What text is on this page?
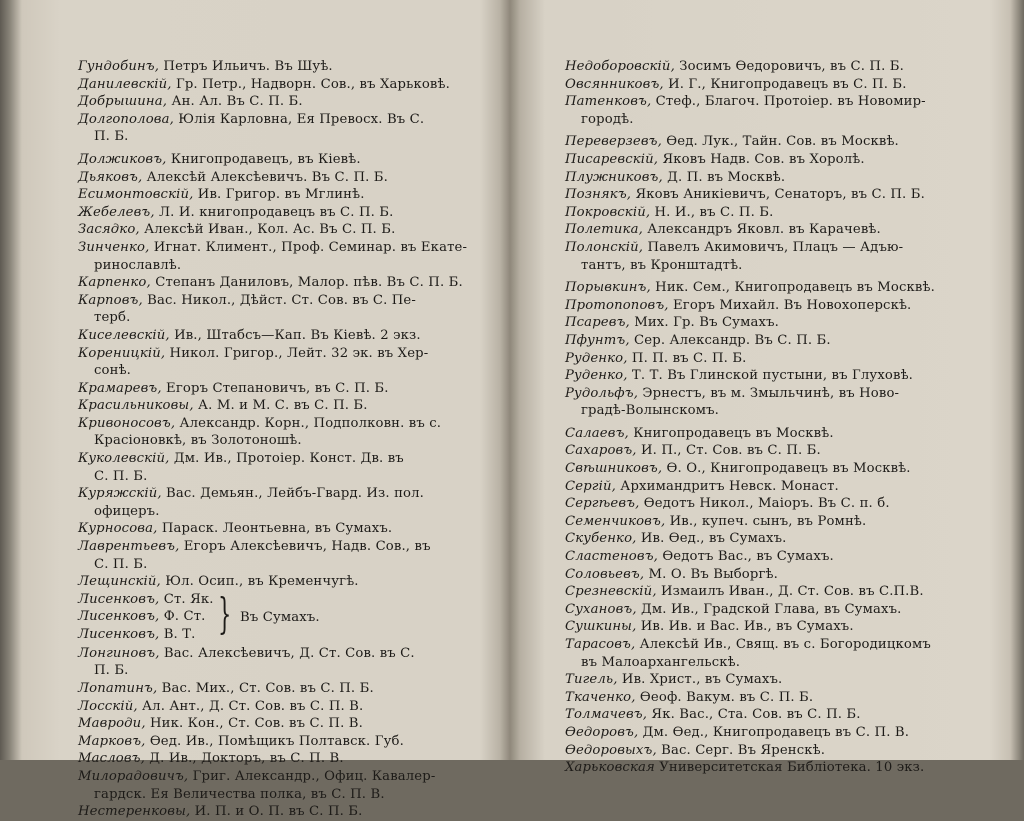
Гундобинъ, Петръ Ильичъ. Въ Шуѣ.
Данилевскій, Гр. Петр., Надворн. Сов., въ Харьковѣ.
Добрышина, Ан. Ал. Въ С. П. Б.
Долгополова, Юлія Карловна, Ея Превосх. Въ С.
П. Б.
Должиковъ, Книгопродавецъ, въ Кіевѣ.
Дьяковъ, Алексѣй Алексѣевичъ. Въ С. П. Б.
Есимонтовскій, Ив. Григор. въ Мглинѣ.
Жебелевъ, Л. И. книгопродавецъ въ С. П. Б.
Засядко, Алексѣй Иван., Кол. Ас. Въ С. П. Б.
Зинченко, Игнат. Климент., Проф. Семинар. въ Екате-
ринославлѣ.
Карпенко, Степанъ Даниловъ, Малор. пѣв. Въ С. П. Б.
Карповъ, Вас. Никол., Дѣйст. Ст. Сов. въ С. Пе-
терб.
Киселевскій, Ив., Штабсъ—Кап. Въ Кіевѣ. 2 экз.
Кореницкій, Никол. Григор., Лейт. 32 эк. въ Хер-
сонѣ.
Крамаревъ, Егоръ Степановичъ, въ С. П. Б.
Красильниковы, А. М. и М. С. въ С. П. Б.
Кривоносовъ, Александр. Корн., Подполковн. въ с.
Красіоновкѣ, въ Золотоношѣ.
Куколевскій, Дм. Ив., Протоіер. Конст. Дв. въ
С. П. Б.
Куряжскій, Вас. Демьян., Лейбъ-Гвард. Из. пол.
офицеръ.
Курносова, Параск. Леонтьевна, въ Сумахъ.
Лаврентьевъ, Егоръ Алексѣевичъ, Надв. Сов., въ
С. П. Б.
Лещинскій, Юл. Осип., въ Кременчугѣ.
Лисенковъ, Ст. Як.
Лисенковъ, Ф. Ст.
Лисенковъ, В. Т. } Въ Сумахъ.
Лонгиновъ, Вас. Алексѣевичъ, Д. Ст. Сов. въ С.
П. Б.
Лопатинъ, Вас. Мих., Ст. Сов. въ С. П. Б.
Лосскій, Ал. Ант., Д. Ст. Сов. въ С. П. В.
Мавроди, Ник. Кон., Ст. Сов. въ С. П. В.
Марковъ, Ѳед. Ив., Помѣщикъ Полтавск. Губ.
Масловъ, Д. Ив., Докторъ, въ С. П. В.
Милорадовичъ, Григ. Александр., Офиц. Кавалер-
гардск. Ея Величества полка, въ С. П. В.
Нестеренковы, И. П. и О. П. въ С. П. Б.
Недоборовскій, Зосимъ Ѳедоровичъ, въ С. П. Б.
Овсянниковъ, И. Г., Книгопродавецъ въ С. П. Б.
Патенковъ, Стеф., Благоч. Протоіер. въ Новомир-
городѣ.
Переверзевъ, Ѳед. Лук., Тайн. Сов. въ Москвѣ.
Писаревскій, Яковъ Надв. Сов. въ Хоролѣ.
Плужниковъ, Д. П. въ Москвѣ.
Познякъ, Яковъ Аникіевичъ, Сенаторъ, въ С. П. Б.
Покровскій, Н. И., въ С. П. Б.
Полетика, Александръ Яковл. въ Карачевѣ.
Полонскій, Павелъ Акимовичъ, Плацъ — Адъю-
тантъ, въ Кронштадтѣ.
Порывкинъ, Ник. Сем., Книгопродавецъ въ Москвѣ.
Протопоповъ, Егоръ Михайл. Въ Новохоперскѣ.
Псаревъ, Мих. Гр. Въ Сумахъ.
Пфунтъ, Сер. Александр. Въ С. П. Б.
Руденко, П. П. въ С. П. Б.
Руденко, Т. Т. Въ Глинской пустыни, въ Глуховѣ.
Рудольфъ, Эрнестъ, въ м. Змыльчинѣ, въ Ново-
градѣ-Волынскомъ.
Салаевъ, Книгопродавецъ въ Москвѣ.
Сахаровъ, И. П., Ст. Сов. въ С. П. Б.
Свѣшниковъ, Ѳ. О., Книгопродавецъ въ Москвѣ.
Сергій, Архимандритъ Невск. Монаст.
Сергѣевъ, Ѳедотъ Никол., Маіоръ. Въ С. п. б.
Семенчиковъ, Ив., купеч. сынъ, въ Ромнѣ.
Скубенко, Ив. Ѳед., въ Сумахъ.
Сластеновъ, Ѳедотъ Вас., въ Сумахъ.
Соловьевъ, М. О. Въ Выборгѣ.
Срезневскій, Измаилъ Иван., Д. Ст. Сов. въ С.П.В.
Сухановъ, Дм. Ив., Градской Глава, въ Сумахъ.
Сушкины, Ив. Ив. и Вас. Ив., въ Сумахъ.
Тарасовъ, Алексѣй Ив., Свящ. въ с. Богородицкомъ
въ Малоархангельскѣ.
Тигель, Ив. Христ., въ Сумахъ.
Ткаченко, Ѳеоф. Вакум. въ С. П. Б.
Толмачевъ, Як. Вас., Ста. Сов. въ С. П. Б.
Ѳедоровъ, Дм. Ѳед., Книгопродавецъ въ С. П. В.
Ѳедоровыхъ, Вас. Серг. Въ Яренскѣ.
Харьковская Университетская Библіотека. 10 экз.
